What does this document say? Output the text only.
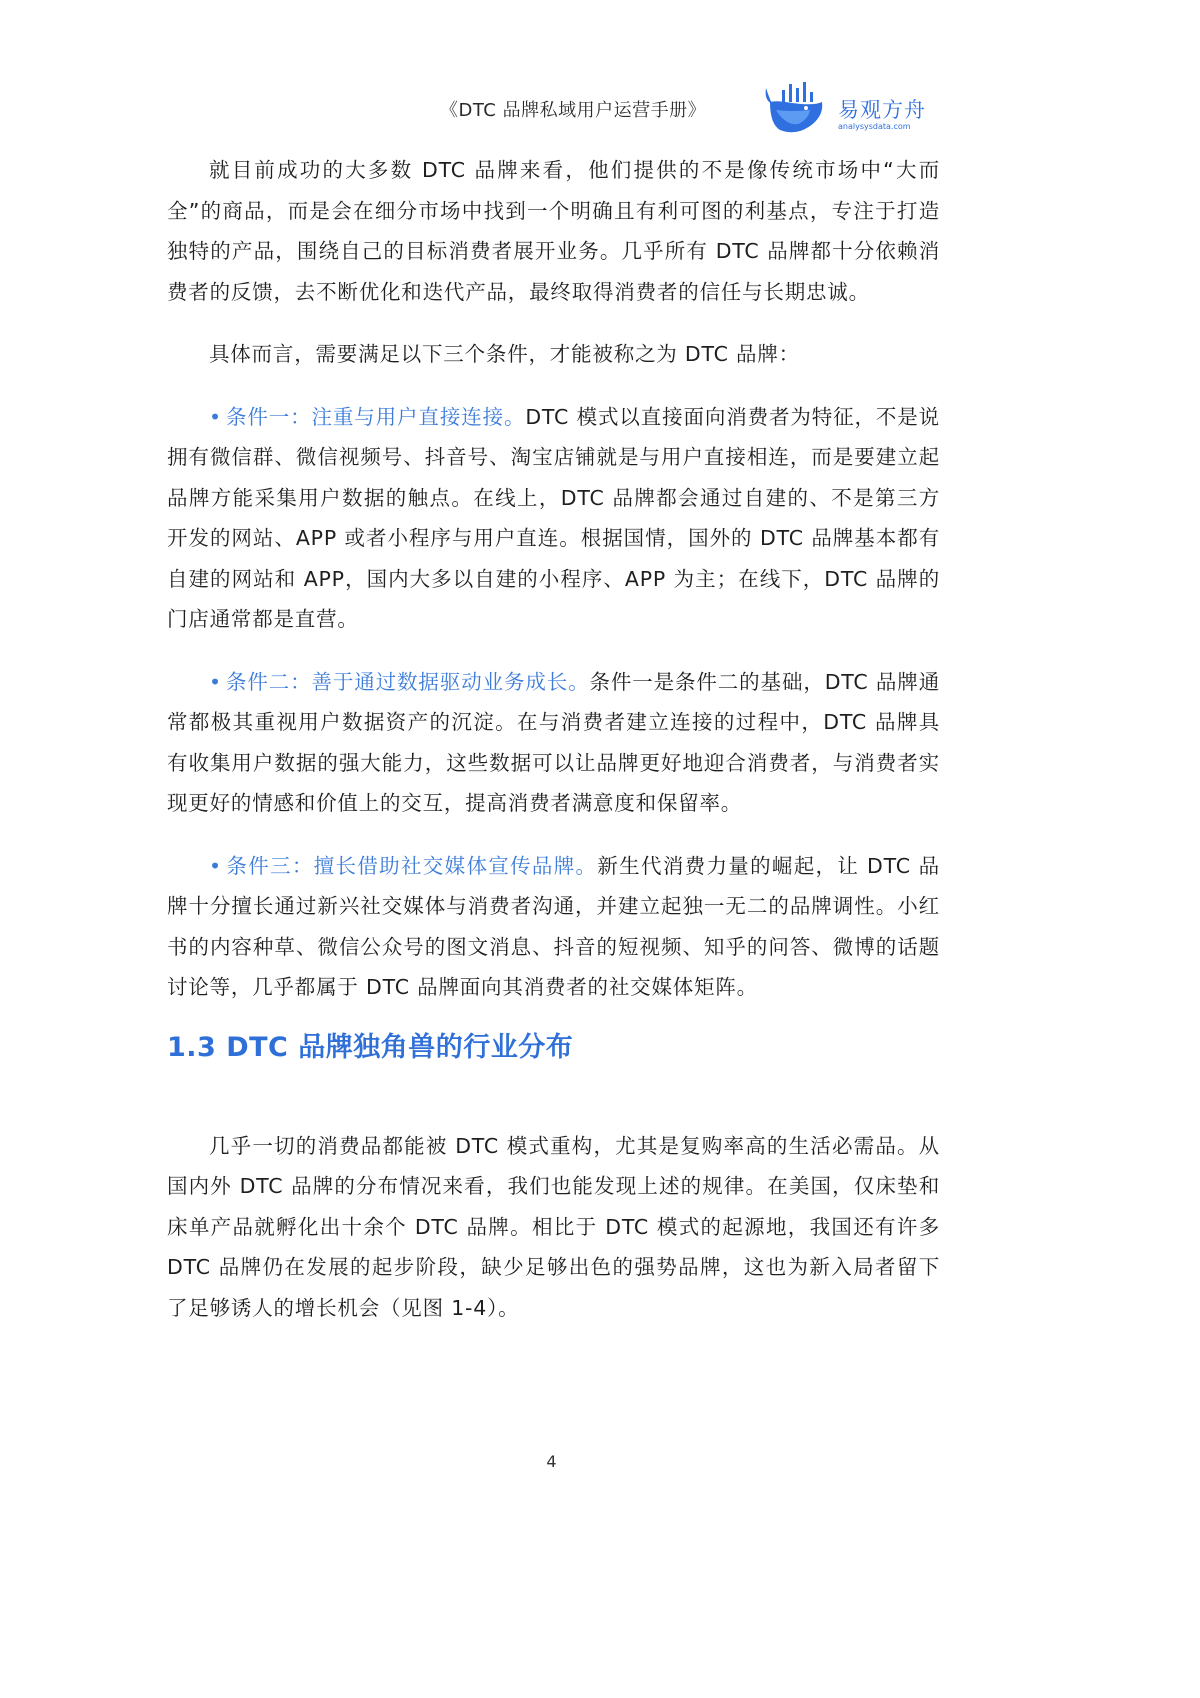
《DTC 品牌私域用户运营手册》	易观方舟
analysysdata.com

就目前成功的大多数 DTC 品牌来看，他们提供的不是像传统市场中“大而全”的商品，而是会在细分市场中找到一个明确且有利可图的利基点，专注于打造独特的产品，围绕自己的目标消费者展开业务。几乎所有 DTC 品牌都十分依赖消费者的反馈，去不断优化和迭代产品，最终取得消费者的信任与长期忠诚。

具体而言，需要满足以下三个条件，才能被称之为 DTC 品牌：

• 条件一：注重与用户直接连接。DTC 模式以直接面向消费者为特征，不是说拥有微信群、微信视频号、抖音号、淘宝店铺就是与用户直接相连，而是要建立起品牌方能采集用户数据的触点。在线上，DTC 品牌都会通过自建的、不是第三方开发的网站、APP 或者小程序与用户直连。根据国情，国外的 DTC 品牌基本都有自建的网站和 APP，国内大多以自建的小程序、APP 为主；在线下，DTC 品牌的门店通常都是直营。

• 条件二：善于通过数据驱动业务成长。条件一是条件二的基础，DTC 品牌通常都极其重视用户数据资产的沉淀。在与消费者建立连接的过程中，DTC 品牌具有收集用户数据的强大能力，这些数据可以让品牌更好地迎合消费者，与消费者实现更好的情感和价值上的交互，提高消费者满意度和保留率。

• 条件三：擅长借助社交媒体宣传品牌。新生代消费力量的崛起，让 DTC 品牌十分擅长通过新兴社交媒体与消费者沟通，并建立起独一无二的品牌调性。小红书的内容种草、微信公众号的图文消息、抖音的短视频、知乎的问答、微博的话题讨论等，几乎都属于 DTC 品牌面向其消费者的社交媒体矩阵。

1.3 DTC 品牌独角兽的行业分布

几乎一切的消费品都能被 DTC 模式重构，尤其是复购率高的生活必需品。从国内外 DTC 品牌的分布情况来看，我们也能发现上述的规律。在美国，仅床垫和床单产品就孵化出十余个 DTC 品牌。相比于 DTC 模式的起源地，我国还有许多 DTC 品牌仍在发展的起步阶段，缺少足够出色的强势品牌，这也为新入局者留下了足够诱人的增长机会（见图 1-4）。

4
